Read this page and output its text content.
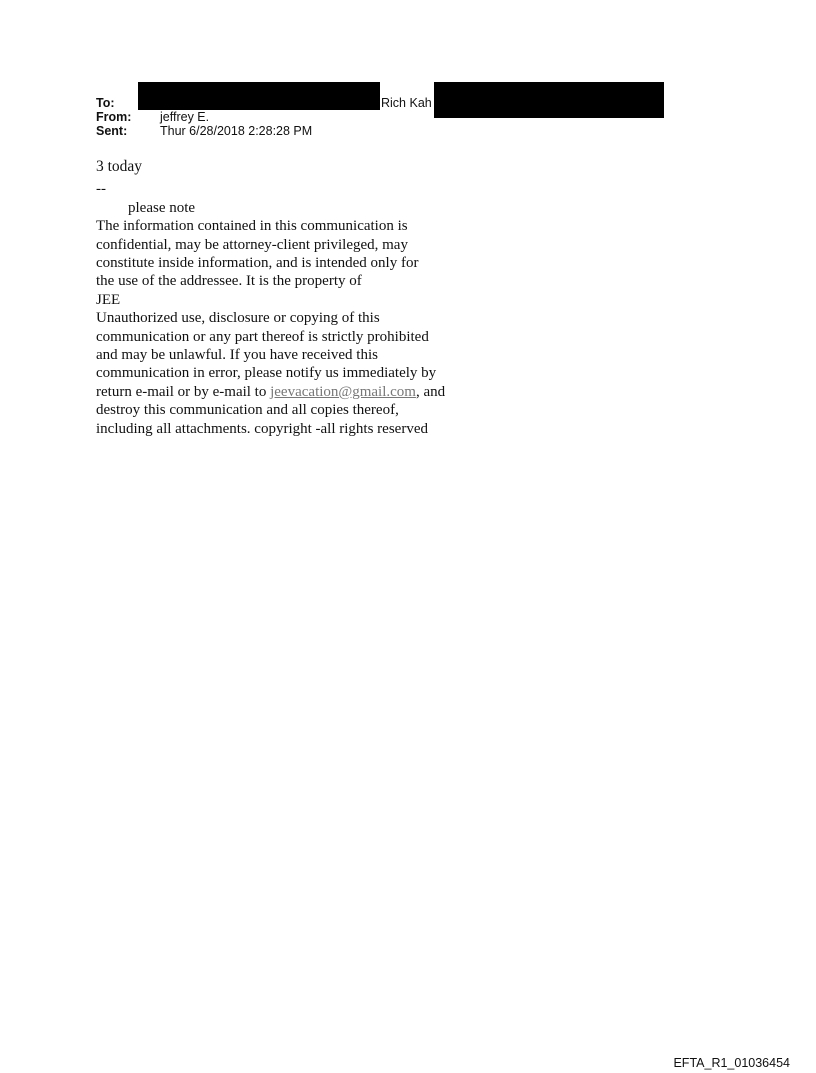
To:	Rich Kah
From: jeffrey E.
Sent:	Thur 6/28/2018 2:28:28 PM

3 today

--

please note

The information contained in this communication is

confidential, may be attorney-client privileged, may

constitute inside information, and is intended only for

the use of the addressee. It is the property of

JEE

Unauthorized use, disclosure or copying of this

communication or any part thereof is strictly prohibited

and may be unlawful. If you have received this

communication in error, please notify us immediately by

return e-mail or by e-mail to jeevacation@gmail.com, and

destroy this communication and all copies thereof,

including all attachments. copyright -all rights reserved

EFTA_R1_01036454
